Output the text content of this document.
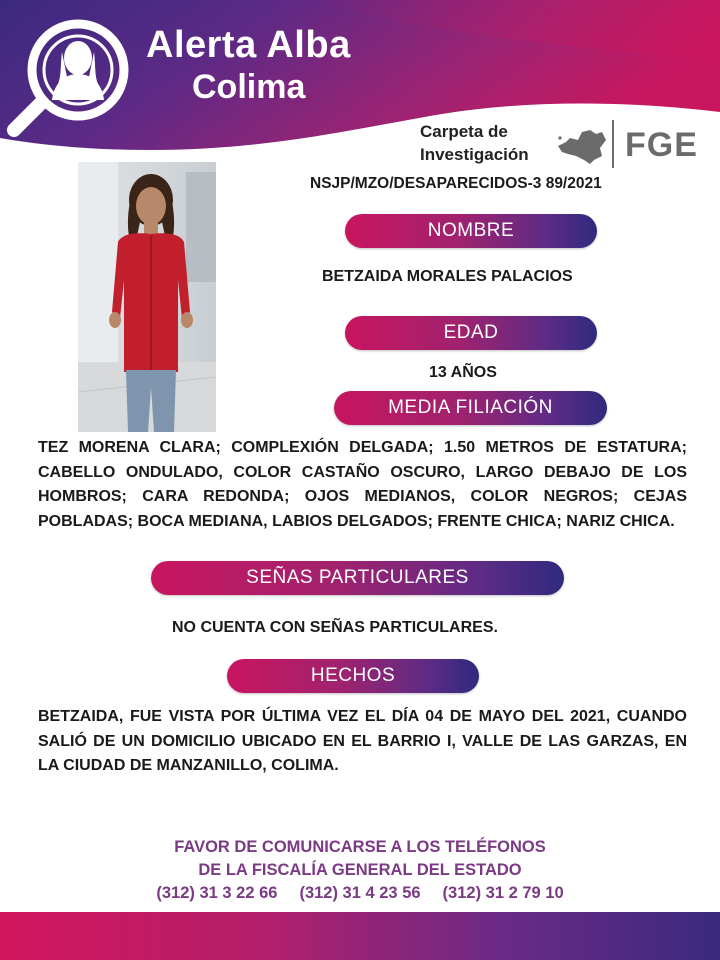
Alerta Alba
Colima
Carpeta de
Investigación	FGE
NSJP/MZO/DESAPARECIDOS-3 89/2021
NOMBRE
BETZAIDA MORALES PALACIOS
EDAD
13 AÑOS
MEDIA FILIACIÓN
TEZ MORENA CLARA; COMPLEXIÓN DELGADA; 1.50 METROS DE ESTATURA; CABELLO ONDULADO, COLOR CASTAÑO OSCURO, LARGO DEBAJO DE LOS HOMBROS; CARA REDONDA; OJOS MEDIANOS, COLOR NEGROS; CEJAS POBLADAS; BOCA MEDIANA, LABIOS DELGADOS; FRENTE CHICA; NARIZ CHICA.
SEÑAS PARTICULARES
NO CUENTA CON SEÑAS PARTICULARES.
HECHOS
BETZAIDA, FUE VISTA POR ÚLTIMA VEZ EL DÍA 04 DE MAYO DEL 2021, CUANDO SALIÓ DE UN DOMICILIO UBICADO EN EL BARRIO I, VALLE DE LAS GARZAS, EN LA CIUDAD DE MANZANILLO, COLIMA.
FAVOR DE COMUNICARSE A LOS TELÉFONOS
DE LA FISCALÍA GENERAL DEL ESTADO
(312) 31 3 22 66 (312) 31 4 23 56 (312) 31 2 79 10
